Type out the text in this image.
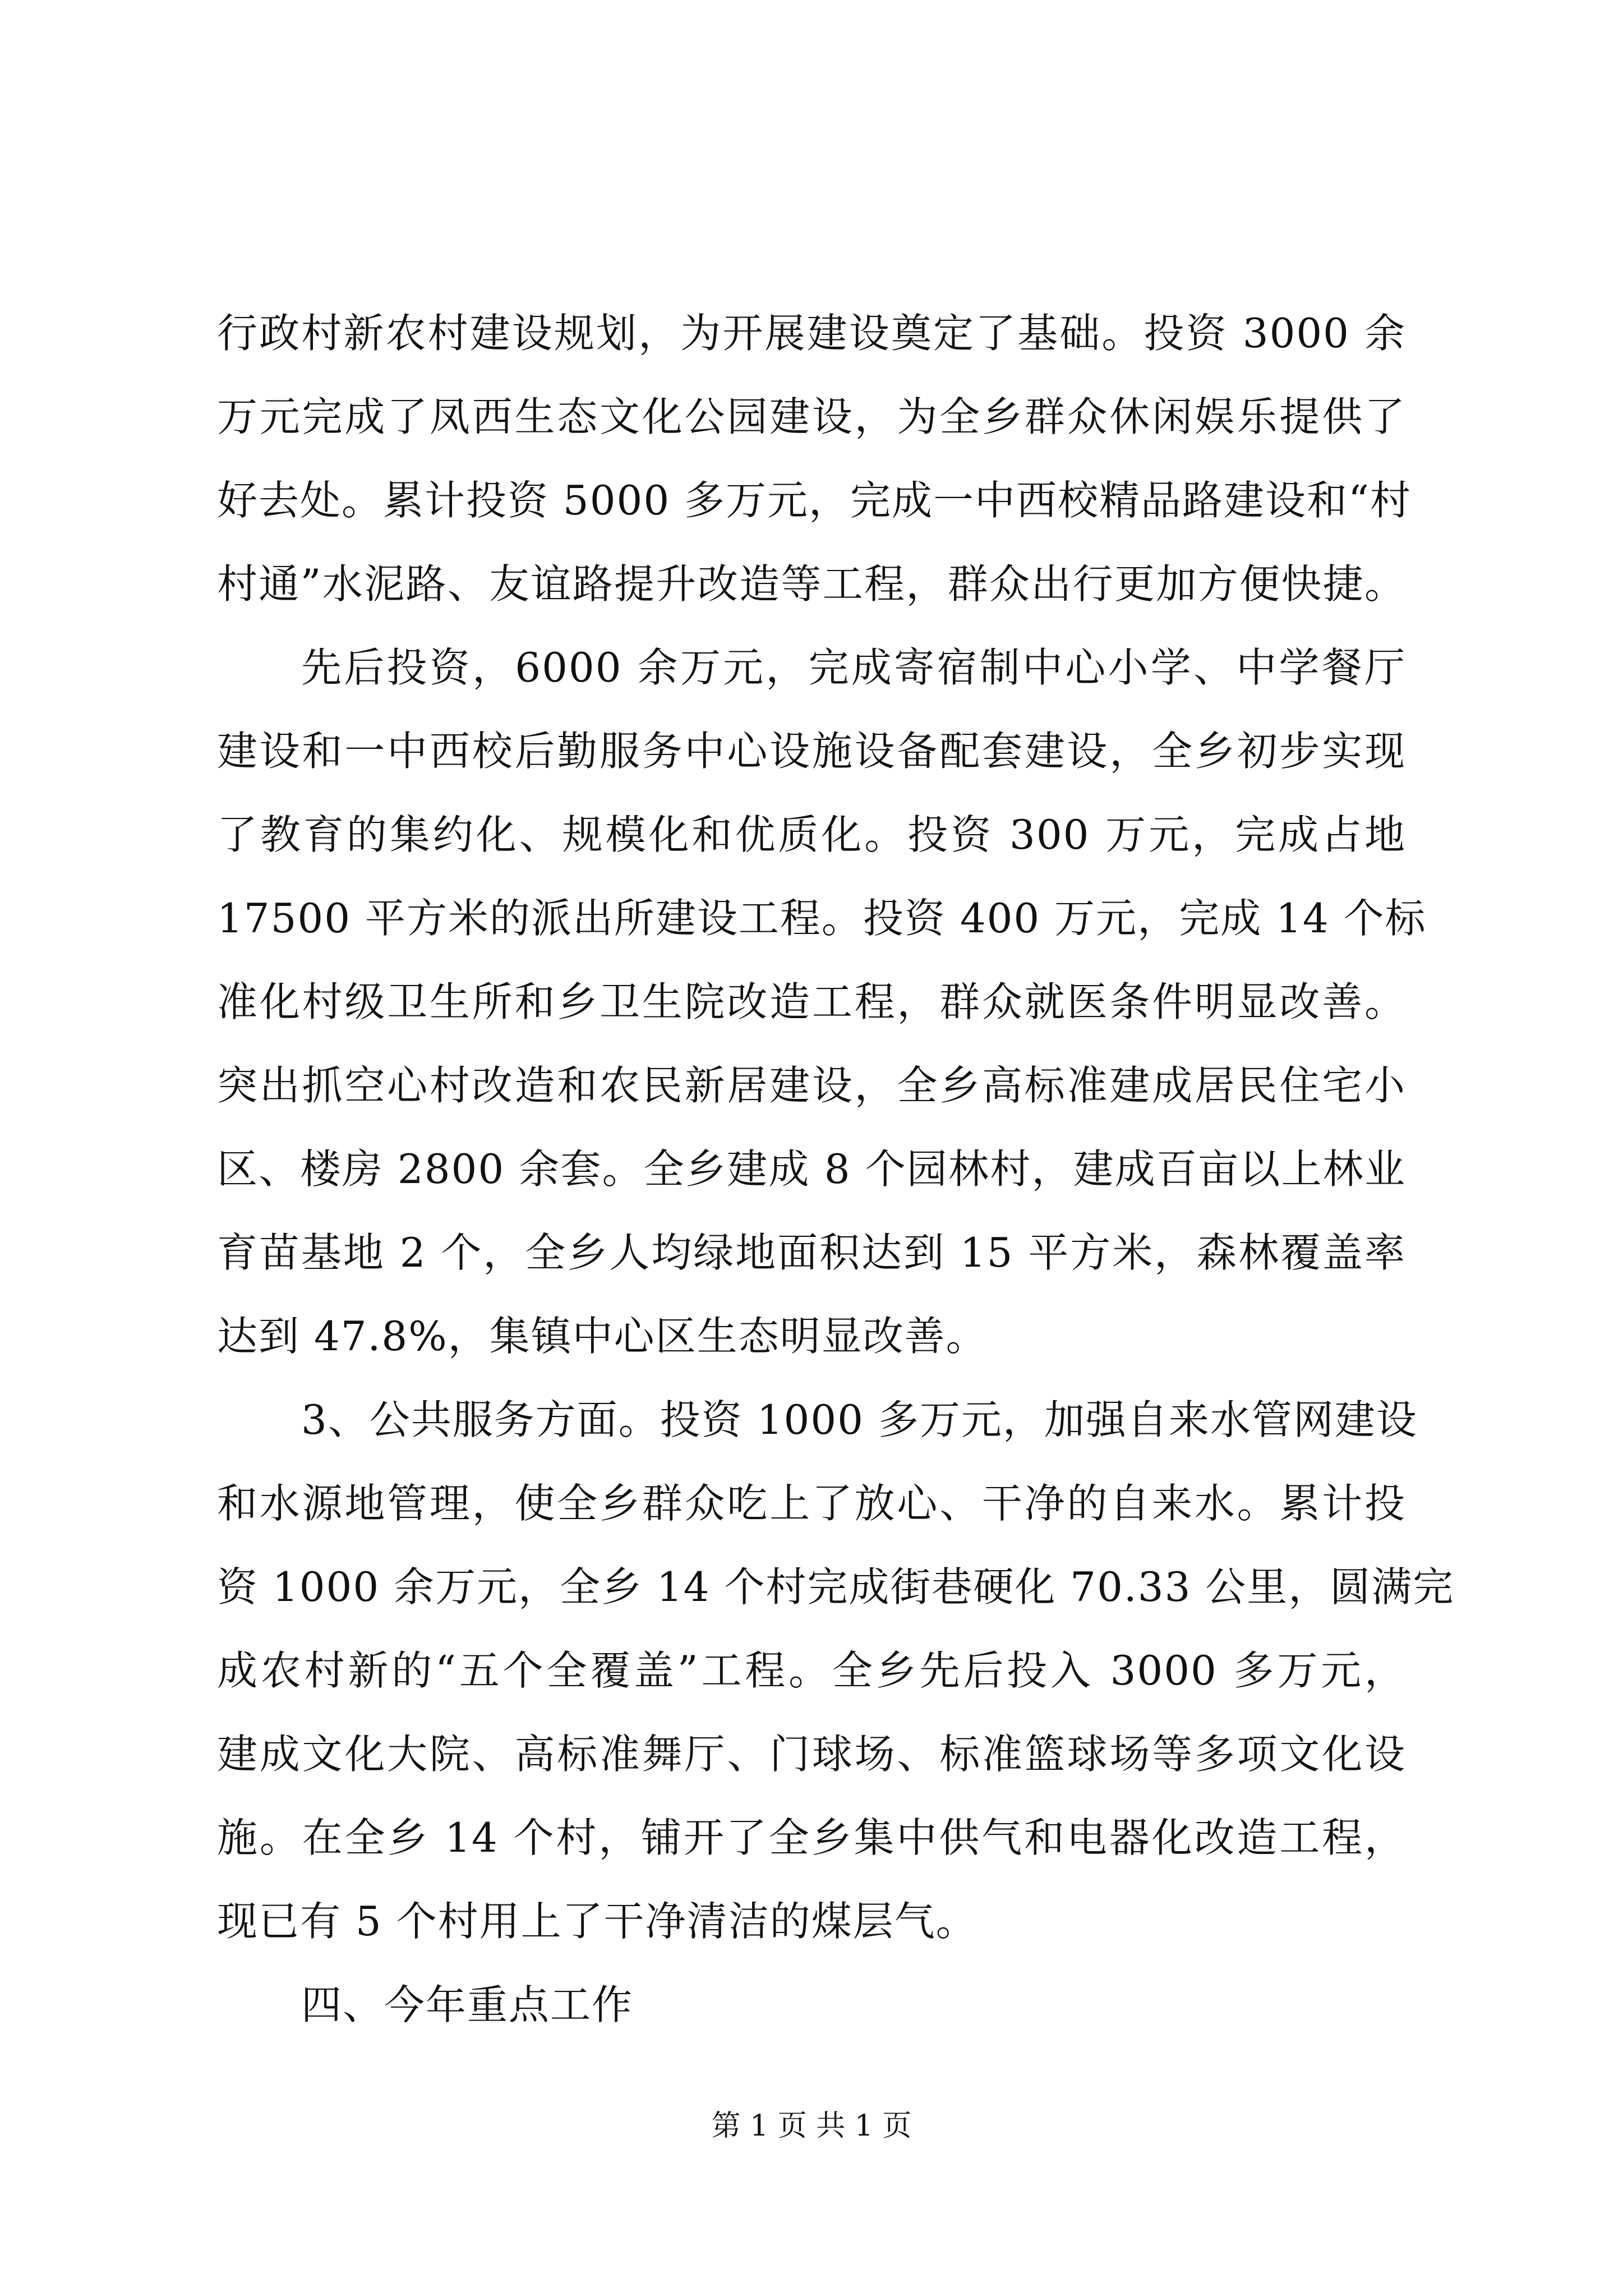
行政村新农村建设规划，为开展建设奠定了基础。投资 3000 余
万元完成了凤西生态文化公园建设，为全乡群众休闲娱乐提供了
好去处。累计投资 5000 多万元，完成一中西校精品路建设和“村
村通”水泥路、友谊路提升改造等工程，群众出行更加方便快捷。
先后投资，6000 余万元，完成寄宿制中心小学、中学餐厅
建设和一中西校后勤服务中心设施设备配套建设，全乡初步实现
了教育的集约化、规模化和优质化。投资 300 万元，完成占地
17500 平方米的派出所建设工程。投资 400 万元，完成 14 个标
准化村级卫生所和乡卫生院改造工程，群众就医条件明显改善。
突出抓空心村改造和农民新居建设，全乡高标准建成居民住宅小
区、楼房 2800 余套。全乡建成 8 个园林村，建成百亩以上林业
育苗基地 2 个，全乡人均绿地面积达到 15 平方米，森林覆盖率
达到 47.8%，集镇中心区生态明显改善。
3、公共服务方面。投资 1000 多万元，加强自来水管网建设
和水源地管理，使全乡群众吃上了放心、干净的自来水。累计投
资 1000 余万元，全乡 14 个村完成街巷硬化 70.33 公里，圆满完
成农村新的“五个全覆盖”工程。全乡先后投入 3000 多万元，
建成文化大院、高标准舞厅、门球场、标准篮球场等多项文化设
施。在全乡 14 个村，铺开了全乡集中供气和电器化改造工程，
现已有 5 个村用上了干净清洁的煤层气。
四、今年重点工作
第 1 页 共 1 页
